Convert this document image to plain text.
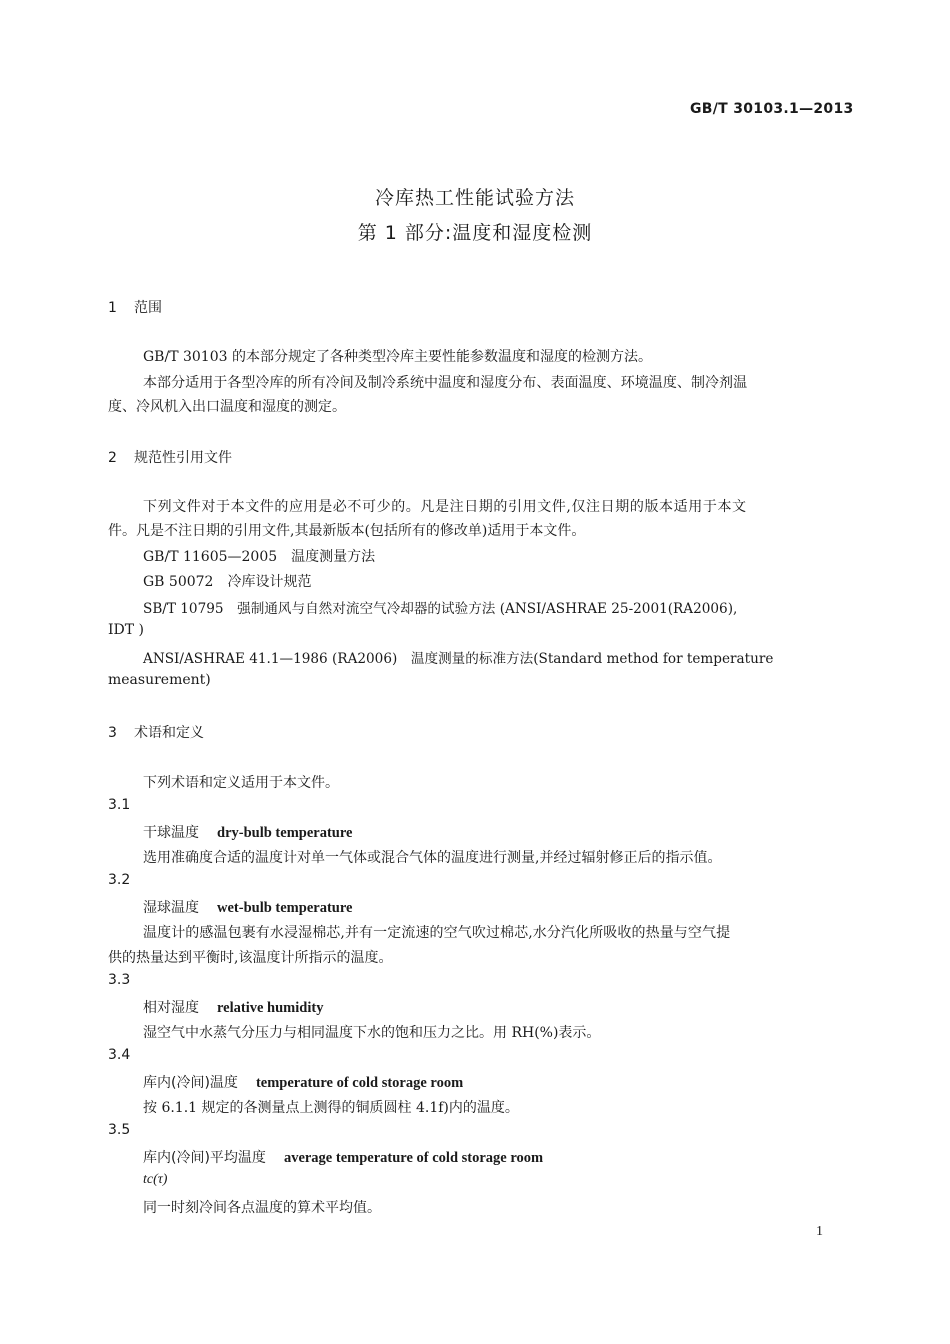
GB/T 30103.1—2013
冷库热工性能试验方法
第 1 部分:温度和湿度检测
1 范围
GB/T 30103 的本部分规定了各种类型冷库主要性能参数温度和湿度的检测方法。
本部分适用于各型冷库的所有冷间及制冷系统中温度和湿度分布、表面温度、环境温度、制冷剂温
度、冷风机入出口温度和湿度的测定。
2 规范性引用文件
下列文件对于本文件的应用是必不可少的。凡是注日期的引用文件,仅注日期的版本适用于本文
件。凡是不注日期的引用文件,其最新版本(包括所有的修改单)适用于本文件。
GB/T 11605—2005　温度测量方法
GB 50072　冷库设计规范
SB/T 10795　强制通风与自然对流空气冷却器的试验方法 (ANSI/ASHRAE 25-2001(RA2006),
IDT )
ANSI/ASHRAE 41.1—1986 (RA2006)　温度测量的标准方法(Standard method for temperature
measurement)
3 术语和定义
下列术语和定义适用于本文件。
3.1
干球温度 dry-bulb temperature
选用准确度合适的温度计对单一气体或混合气体的温度进行测量,并经过辐射修正后的指示值。
3.2
湿球温度 wet-bulb temperature
温度计的感温包裹有水浸湿棉芯,并有一定流速的空气吹过棉芯,水分汽化所吸收的热量与空气提
供的热量达到平衡时,该温度计所指示的温度。
3.3
相对湿度 relative humidity
湿空气中水蒸气分压力与相同温度下水的饱和压力之比。用 RH(%)表示。
3.4
库内(冷间)温度 temperature of cold storage room
按 6.1.1 规定的各测量点上测得的铜质圆柱 4.1f)内的温度。
3.5
库内(冷间)平均温度 average temperature of cold storage room
tc(τ)
同一时刻冷间各点温度的算术平均值。
1
